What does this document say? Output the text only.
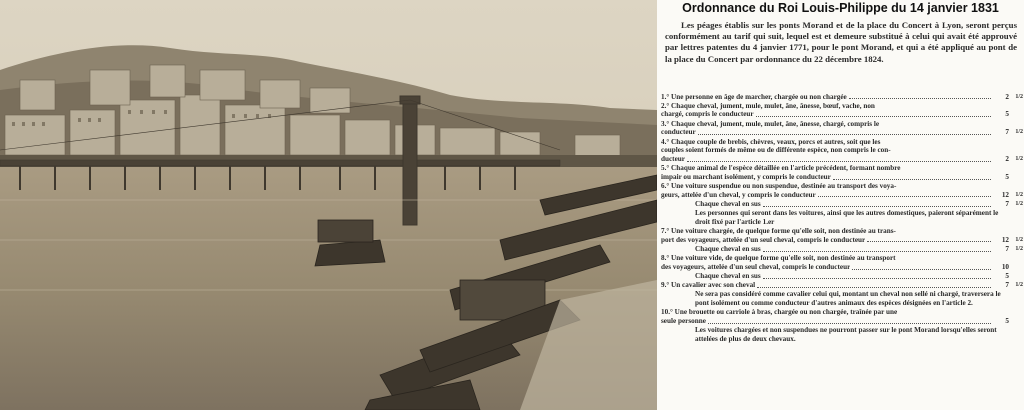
Ordonnance du Roi Louis-Philippe du 14 janvier 1831

Les péages établis sur les ponts Morand et de la place du Concert à Lyon, seront perçus conformément au tarif qui suit, lequel est et demeure substitué à celui qui avait été approuvé par lettres patentes du 4 janvier 1771, pour le pont Morand, et qui a été appliqué au pont de la place du Concert par ordonnance du 22 décembre 1824.

1.° Une personne en âge de marcher, chargée ou non chargée	2	1/2
2.° Chaque cheval, jument, mule, mulet, âne, ânesse, bœuf, vache, non
chargé, compris le conducteur	5
3.° Chaque cheval, jument, mule, mulet, âne, ânesse, chargé, compris le
conducteur	7	1/2
4.° Chaque couple de brebis, chèvres, veaux, porcs et autres, soit que les
couples soient formés de même ou de différente espèce, non compris le con-
ducteur	2	1/2
5.° Chaque animal de l'espèce détaillée en l'article précédent, formant nombre
impair ou marchant isolément, y compris le conducteur	5
6.° Une voiture suspendue ou non suspendue, destinée au transport des voya-
geurs, attelée d'un cheval, y compris le conducteur	12	1/2
Chaque cheval en sus	7	1/2
Les personnes qui seront dans les voitures, ainsi que les autres domestiques, paieront séparément le droit fixé par l'article 1.er
7.° Une voiture chargée, de quelque forme qu'elle soit, non destinée au trans-
port des voyageurs, attelée d'un seul cheval, compris le conducteur	12	1/2
Chaque cheval en sus	7	1/2
8.° Une voiture vide, de quelque forme qu'elle soit, non destinée au transport
des voyageurs, attelée d'un seul cheval, compris le conducteur	10
Chaque cheval en sus	5
9.° Un cavalier avec son cheval	7	1/2
Ne sera pas considéré comme cavalier celui qui, montant un cheval non sellé ni chargé, traversera le pont isolément ou comme conducteur d'autres animaux des espèces désignées en l'article 2.
10.° Une brouette ou carriole à bras, chargée ou non chargée, traînée par une
seule personne	5
Les voitures chargées et non suspendues ne pourront passer sur le pont Morand lorsqu'elles seront attelées de plus de deux chevaux.
